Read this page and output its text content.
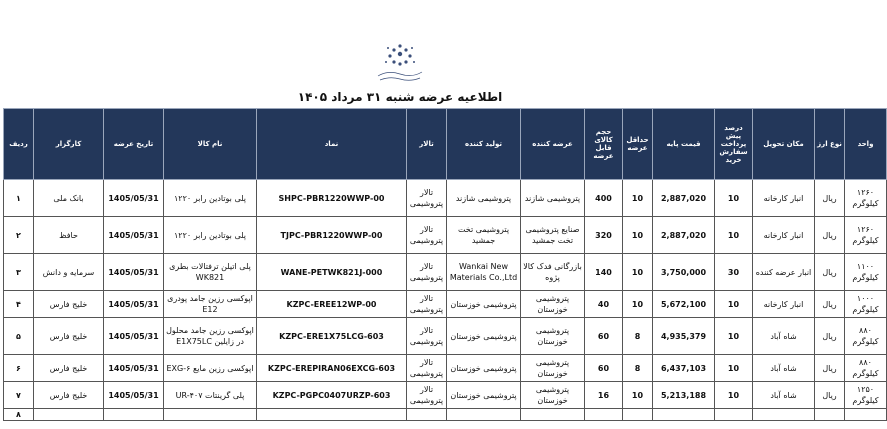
اطلاعیه عرضه شنبه ۳۱ مرداد ۱۴۰۵
واحد	نوع ارز	مکان تحویل	درصد پیش پرداخت سفارش خرید	قیمت پایه	حداقل عرضه	حجم کالای قابل عرضه	عرضه کننده	تولید کننده	تالار	نماد	نام کالا	تاریخ عرضه	کارگزار	ردیف
۱۲۶۰ کیلوگرم	ریال	انبار کارخانه	10	2,887,020	10	400	پتروشیمی شازند	پتروشیمی شازند	تالار پتروشیمی	SHPC-PBR1220WWP-00	پلی بوتادین رابر ۱۲۲۰	1405/05/31	بانک ملی	۱
۱۲۶۰ کیلوگرم	ریال	انبار کارخانه	10	2,887,020	10	320	صنایع پتروشیمی تخت جمشید	پتروشیمی تخت جمشید	تالار پتروشیمی	TJPC-PBR1220WWP-00	پلی بوتادین رابر ۱۲۲۰	1405/05/31	حافظ	۲
۱۱۰۰ کیلوگرم	ریال	انبار عرضه کننده	30	3,750,000	10	140	بازرگانی فدک کالا پژوه	Wankai New Materials Co.,Ltd	تالار پتروشیمی	WANE-PETWK821J-000	پلی اتیلن ترفتالات بطری WK821	1405/05/31	سرمایه و دانش	۳
۱۰۰۰ کیلوگرم	ریال	انبار کارخانه	10	5,672,100	10	40	پتروشیمی خوزستان	پتروشیمی خوزستان	تالار پتروشیمی	KZPC-EREE12WP-00	اپوکسی رزین جامد پودری E12	1405/05/31	خلیج فارس	۴
۸۸۰ کیلوگرم	ریال	شاه آباد	10	4,935,379	8	60	پتروشیمی خوزستان	پتروشیمی خوزستان	تالار پتروشیمی	KZPC-ERE1X75LCG-603	اپوکسی رزین جامد محلول در زایلین E1X75LC	1405/05/31	خلیج فارس	۵
۸۸۰ کیلوگرم	ریال	شاه آباد	10	6,437,103	8	60	پتروشیمی خوزستان	پتروشیمی خوزستان	تالار پتروشیمی	KZPC-EREPIRAN06EXCG-603	اپوکسی رزین مایع EXG-۶	1405/05/31	خلیج فارس	۶
۱۲۵۰ کیلوگرم	ریال	شاه آباد	10	5,213,188	10	16	پتروشیمی خوزستان	پتروشیمی خوزستان	تالار پتروشیمی	KZPC-PGPC0407URZP-603	پلی گرینتات UR-۴۰۷	1405/05/31	خلیج فارس	۷
														۸
